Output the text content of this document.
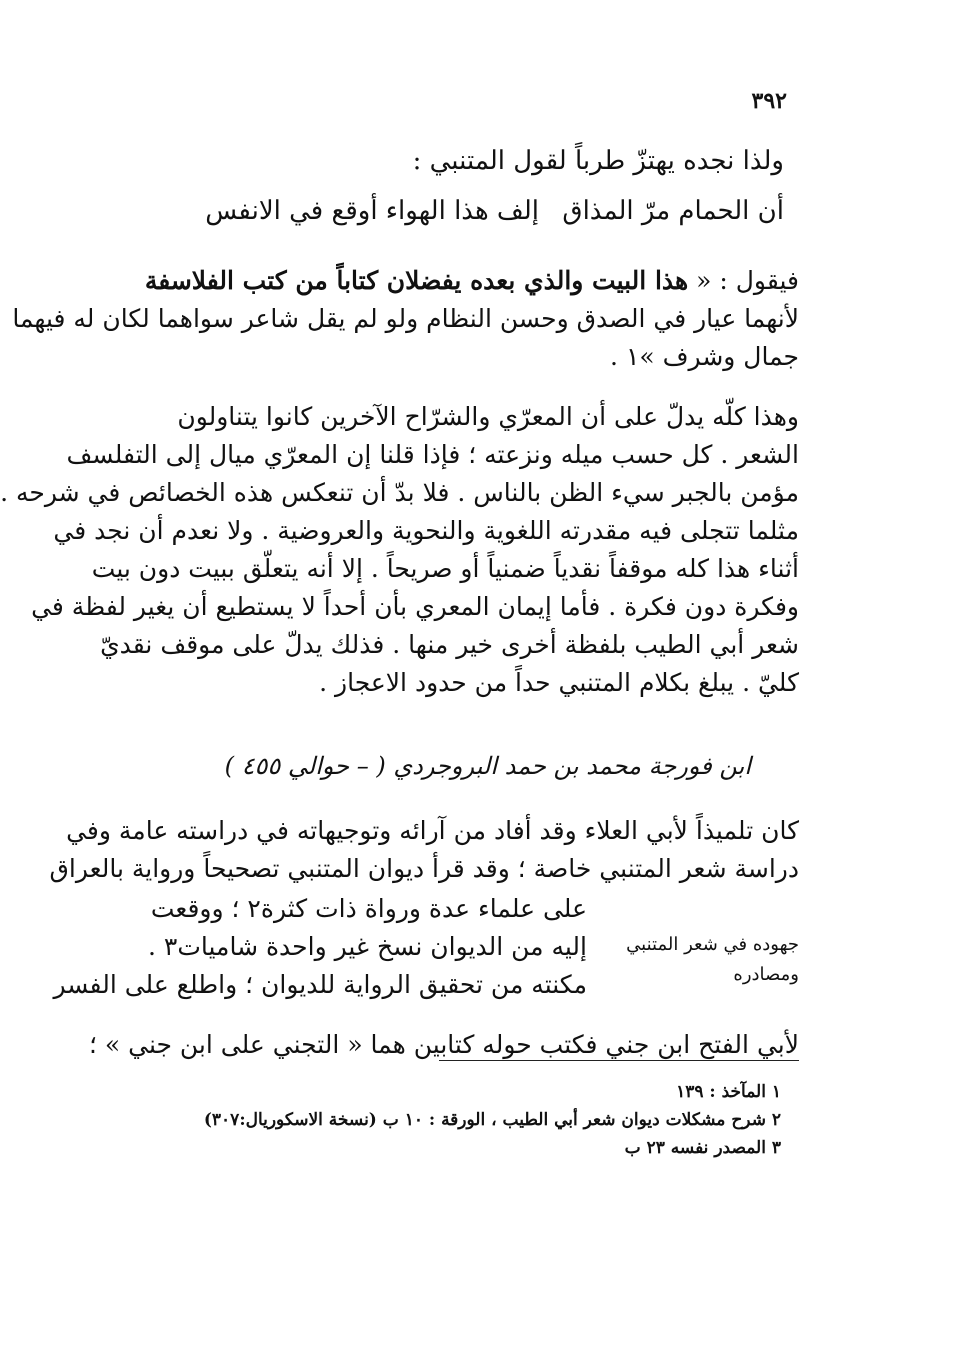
٣٩٢
ولذا نجده يهتزّ طرباً لقول المتنبي :
إلف هذا الهواء أوقع في الانفس أن الحمام مرّ المذاق
فيقول : « هذا البيت والذي بعده يفضلان كتاباً من كتب الفلاسفة
لأنهما عيار في الصدق وحسن النظام ولو لم يقل شاعر سواهما لكان له فيهما
جمال وشرف »١ .
وهذا كلّه يدلّ على أن المعرّي والشرّاح الآخرين كانوا يتناولون
الشعر . كل حسب ميله ونزعته ؛ فإذا قلنا إن المعرّي ميال إلى التفلسف
مؤمن بالجبر سيء الظن بالناس . فلا بدّ أن تنعكس هذه الخصائص في شرحه .
مثلما تتجلى فيه مقدرته اللغوية والنحوية والعروضية . ولا نعدم أن نجد في
أثناء هذا كله موقفاً نقدياً ضمنياً أو صريحاً . إلا أنه يتعلّق ببيت دون بيت
وفكرة دون فكرة . فأما إيمان المعري بأن أحداً لا يستطيع أن يغير لفظة في
شعر أبي الطيب بلفظة أخرى خير منها . فذلك يدلّ على موقف نقديّ
كليّ . يبلغ بكلام المتنبي حداً من حدود الاعجاز .
ابن فورجة محمد بن حمد البروجردي ( – حوالي ٤٥٥ )
كان تلميذاً لأبي العلاء وقد أفاد من آرائه وتوجيهاته في دراسته عامة وفي
دراسة شعر المتنبي خاصة ؛ وقد قرأ ديوان المتنبي تصحيحاً ورواية بالعراق
على علماء عدة ورواة ذات كثرة٢ ؛ ووقعت
إليه من الديوان نسخ غير واحدة شاميات٣ .
مكنته من تحقيق الرواية للديوان ؛ واطلع على الفسر
جهوده في شعر المتنبي
ومصادره
لأبي الفتح ابن جني فكتب حوله كتابين هما « التجني على ابن جني » ؛
١ المآخذ : ١٣٩
٢ شرح مشكلات ديوان شعر أبي الطيب ، الورقة : ١٠ ب (نسخة الاسكوريال:٣٠٧)
٣ المصدر نفسه ٢٣ ب
